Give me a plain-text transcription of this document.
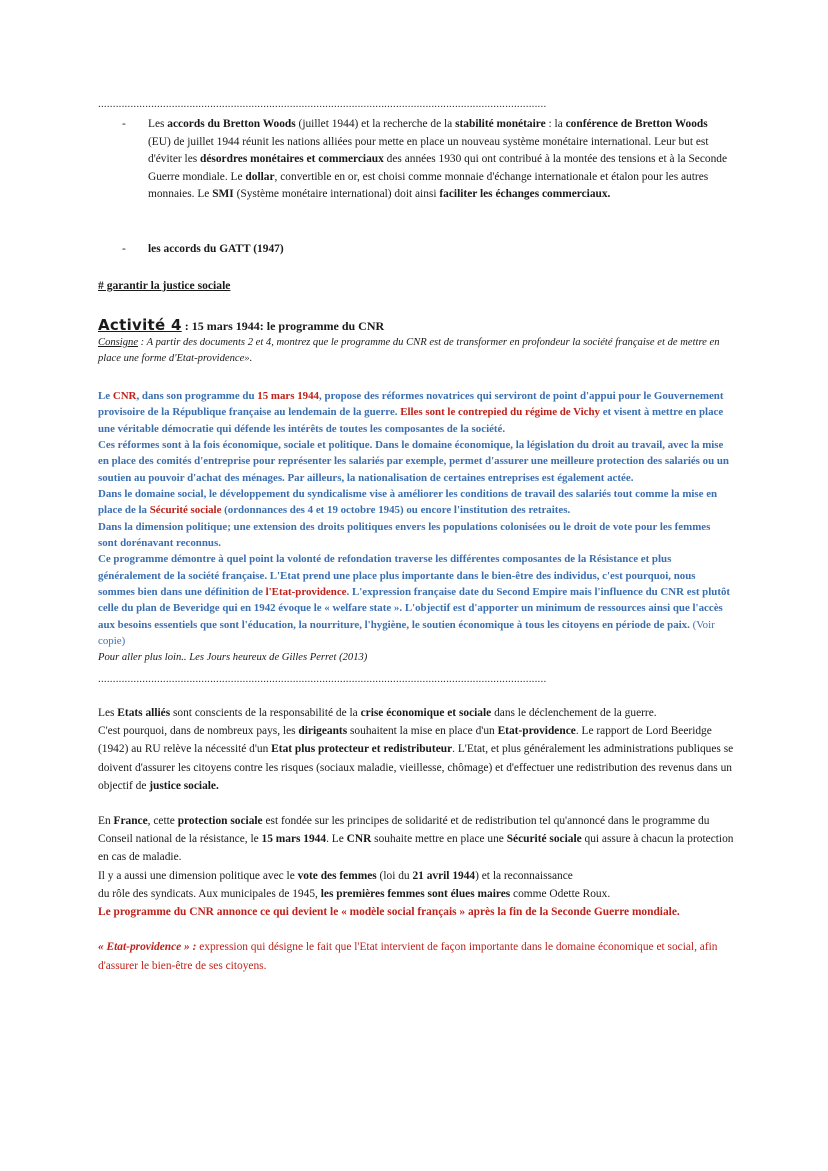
........................................................................................................................................................
- Les accords du Bretton Woods (juillet 1944) et la recherche de la stabilité monétaire : la conférence de Bretton Woods (EU) de juillet 1944 réunit les nations alliées pour mette en place un nouveau système monétaire international. Leur but est d'éviter les désordres monétaires et commerciaux des années 1930 qui ont contribué à la montée des tensions et à la Seconde Guerre mondiale. Le dollar, convertible en or, est choisi comme monnaie d'échange internationale et étalon pour les autres monnaies. Le SMI (Système monétaire international) doit ainsi faciliter les échanges commerciaux.
- les accords du GATT (1947)
# garantir la justice sociale
Activité 4 : 15 mars 1944: le programme du CNR
Consigne : A partir des documents 2 et 4, montrez que le programme du CNR est de transformer en profondeur la société française et de mettre en place une forme d'Etat-providence».

Le CNR, dans son programme du 15 mars 1944, propose des réformes novatrices qui serviront de point d'appui pour le Gouvernement provisoire de la République française au lendemain de la guerre. Elles sont le contrepied du régime de Vichy et visent à mettre en place une véritable démocratie qui défende les intérêts de toutes les composantes de la société.

Ces réformes sont à la fois économique, sociale et politique. Dans le domaine économique, la législation du droit au travail, avec la mise en place des comités d'entreprise pour représenter les salariés par exemple, permet d'assurer une meilleure protection des salariés ou un soutien au pouvoir d'achat des ménages. Par ailleurs, la nationalisation de certaines entreprises est également actée.

Dans le domaine social, le développement du syndicalisme vise à améliorer les conditions de travail des salariés tout comme la mise en place de la Sécurité sociale (ordonnances des 4 et 19 octobre 1945) ou encore l'institution des retraites.

Dans la dimension politique; une extension des droits politiques envers les populations colonisées ou le droit de vote pour les femmes sont dorénavant reconnus.

Ce programme démontre à quel point la volonté de refondation traverse les différentes composantes de la Résistance et plus généralement de la société française. L'Etat prend une place plus importante dans le bien-être des individus, c'est pourquoi, nous sommes bien dans une définition de l'Etat-providence. L'expression française date du Second Empire mais l'influence du CNR est plutôt celle du plan de Beveridge qui en 1942 évoque le « welfare state ». L'objectif est d'apporter un minimum de ressources ainsi que l'accès aux besoins essentiels que sont l'éducation, la nourriture, l'hygiène, le soutien économique à tous les citoyens en période de paix. (Voir copie)

Pour aller plus loin.. Les Jours heureux de Gilles Perret (2013)
........................................................................................................................................................

Les Etats alliés sont conscients de la responsabilité de la crise économique et sociale dans le déclenchement de la guerre.

C'est pourquoi, dans de nombreux pays, les dirigeants souhaitent la mise en place d'un Etat-providence. Le rapport de Lord Beeridge (1942) au RU relève la nécessité d'un Etat plus protecteur et redistributeur. L'Etat, et plus généralement les administrations publiques se doivent d'assurer les citoyens contre les risques (sociaux maladie, vieillesse, chômage) et d'effectuer une redistribution des revenus dans un objectif de justice sociale.

En France, cette protection sociale est fondée sur les principes de solidarité et de redistribution tel qu'annoncé dans le programme du Conseil national de la résistance, le 15 mars 1944. Le CNR souhaite mettre en place une Sécurité sociale qui assure à chacun la protection en cas de maladie.

Il y a aussi une dimension politique avec le vote des femmes (loi du 21 avril 1944) et la reconnaissance

du rôle des syndicats. Aux municipales de 1945, les premières femmes sont élues maires comme Odette Roux.

Le programme du CNR annonce ce qui devient le « modèle social français » après la fin de la Seconde Guerre mondiale.

« Etat-providence » : expression qui désigne le fait que l'Etat intervient de façon importante dans le domaine économique et social, afin d'assurer le bien-être de ses citoyens.
